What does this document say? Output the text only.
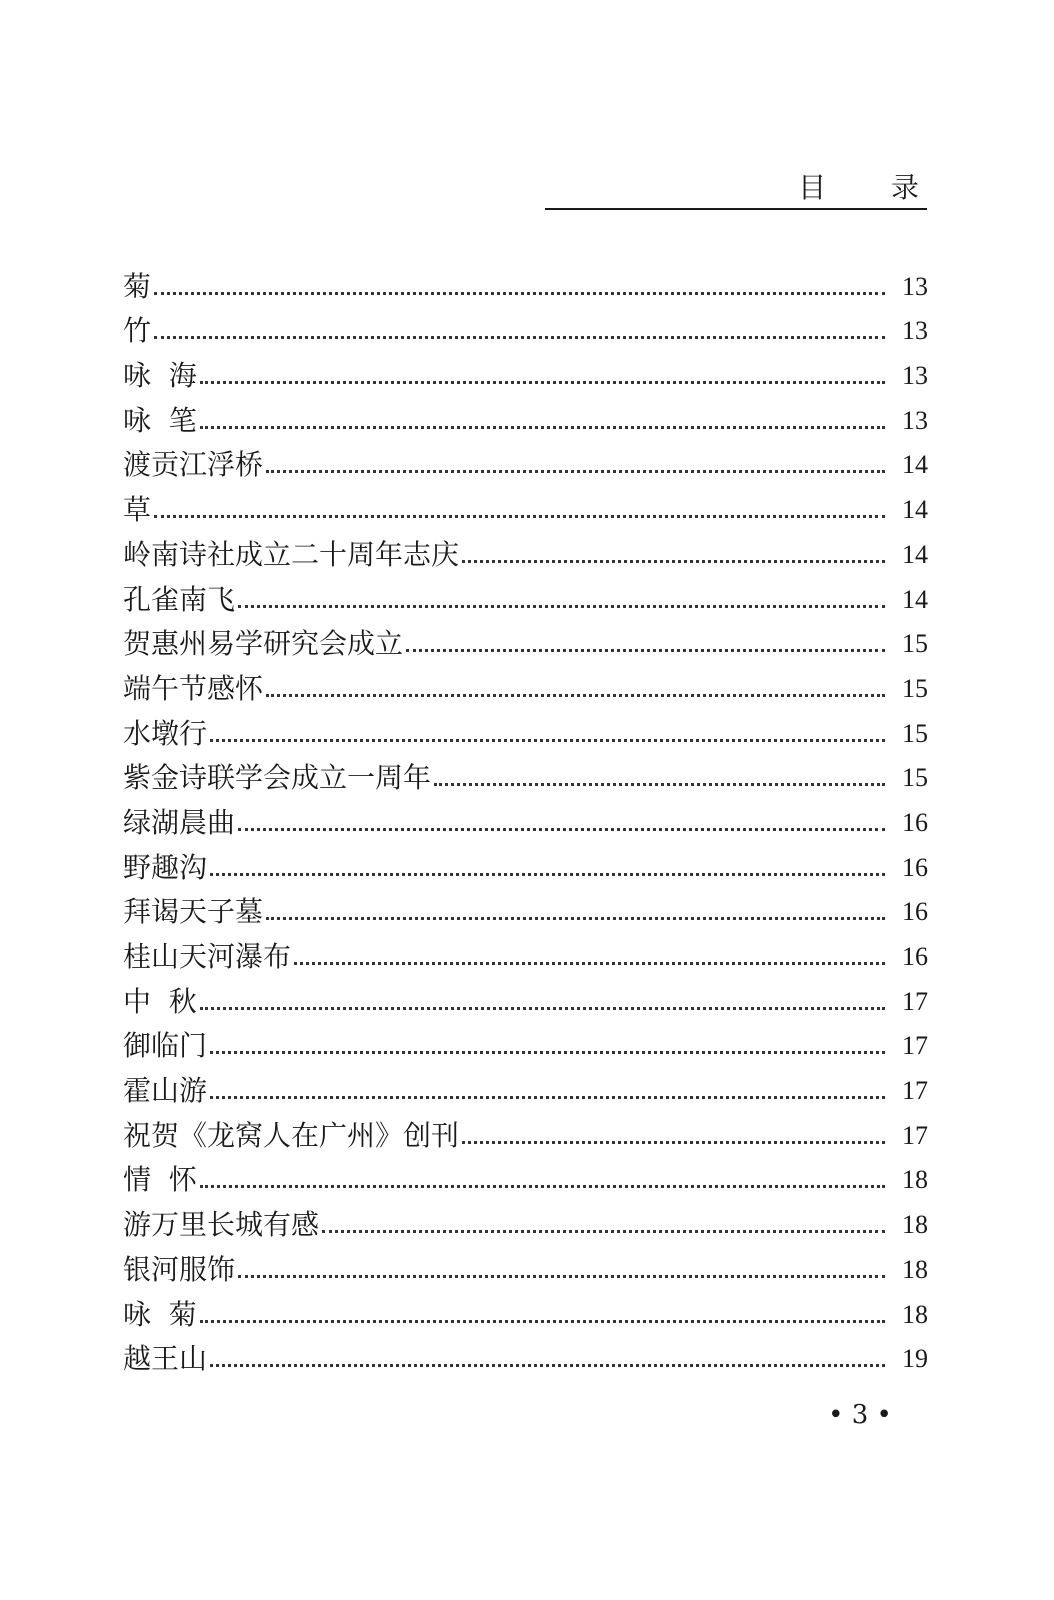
目 录
菊	13
竹	13
咏  海	13
咏  笔	13
渡贡江浮桥	14
草	14
岭南诗社成立二十周年志庆	14
孔雀南飞	14
贺惠州易学研究会成立	15
端午节感怀	15
水墩行	15
紫金诗联学会成立一周年	15
绿湖晨曲	16
野趣沟	16
拜谒天子墓	16
桂山天河瀑布	16
中  秋	17
御临门	17
霍山游	17
祝贺《龙窝人在广州》创刊	17
情  怀	18
游万里长城有感	18
银河服饰	18
咏  菊	18
越王山	19
• 3 •
